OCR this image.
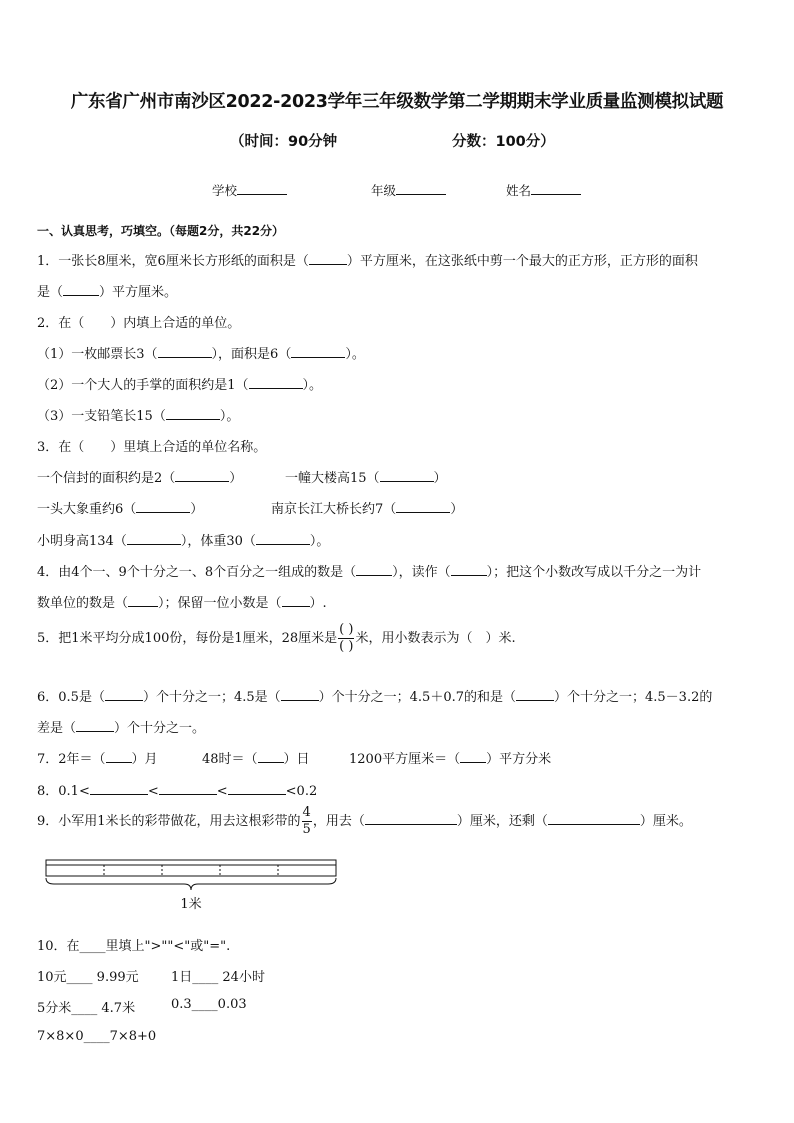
广东省广州市南沙区2022-2023学年三年级数学第二学期期末学业质量监测模拟试题
（时间：90分钟	分数：100分）
学校	年级	姓名
一、认真思考，巧填空。（每题2分，共22分）
1．一张长8厘米，宽6厘米长方形纸的面积是（	）平方厘米，在这张纸中剪一个最大的正方形，正方形的面积
是（	）平方厘米。
2．在（　　）内填上合适的单位。
（1）一枚邮票长3（	），面积是6（	）。
（2）一个大人的手掌的面积约是1（	）。
（3）一支铅笔长15（	）。
3．在（　　）里填上合适的单位名称。
一个信封的面积约是2（	）	一幢大楼高15（	）
一头大象重约6（	）	南京长江大桥长约7（	）
小明身高134（	），体重30（	）。
4．由4个一、9个十分之一、8个百分之一组成的数是（	），读作（	）；把这个小数改写成以千分之一为计
数单位的数是（ ）；保留一位小数是（ ）.
5．把1米平均分成100份，每份是1厘米，28厘米是 $\frac{( )}{( )}$ 米，用小数表示为（　）米.
6．0.5是（	）个十分之一；4.5是（	）个十分之一；4.5＋0.7的和是（	）个十分之一；4.5－3.2的
差是（	）个十分之一。
7．2年＝（ ）月	48时＝（ ）日	1200平方厘米＝（ ）平方分米
8．0.1<	<	<	<0.2
9．小军用1米长的彩带做花，用去这根彩带的 $\frac{4}{5}$ ，用去（	）厘米，还剩（	）厘米。
1米
10．在____里填上">""<"或"=".
10元____ 9.99元 1日____ 24小时
5分米____ 4.7米	0.3____0.03
7×8×0____7×8+0
